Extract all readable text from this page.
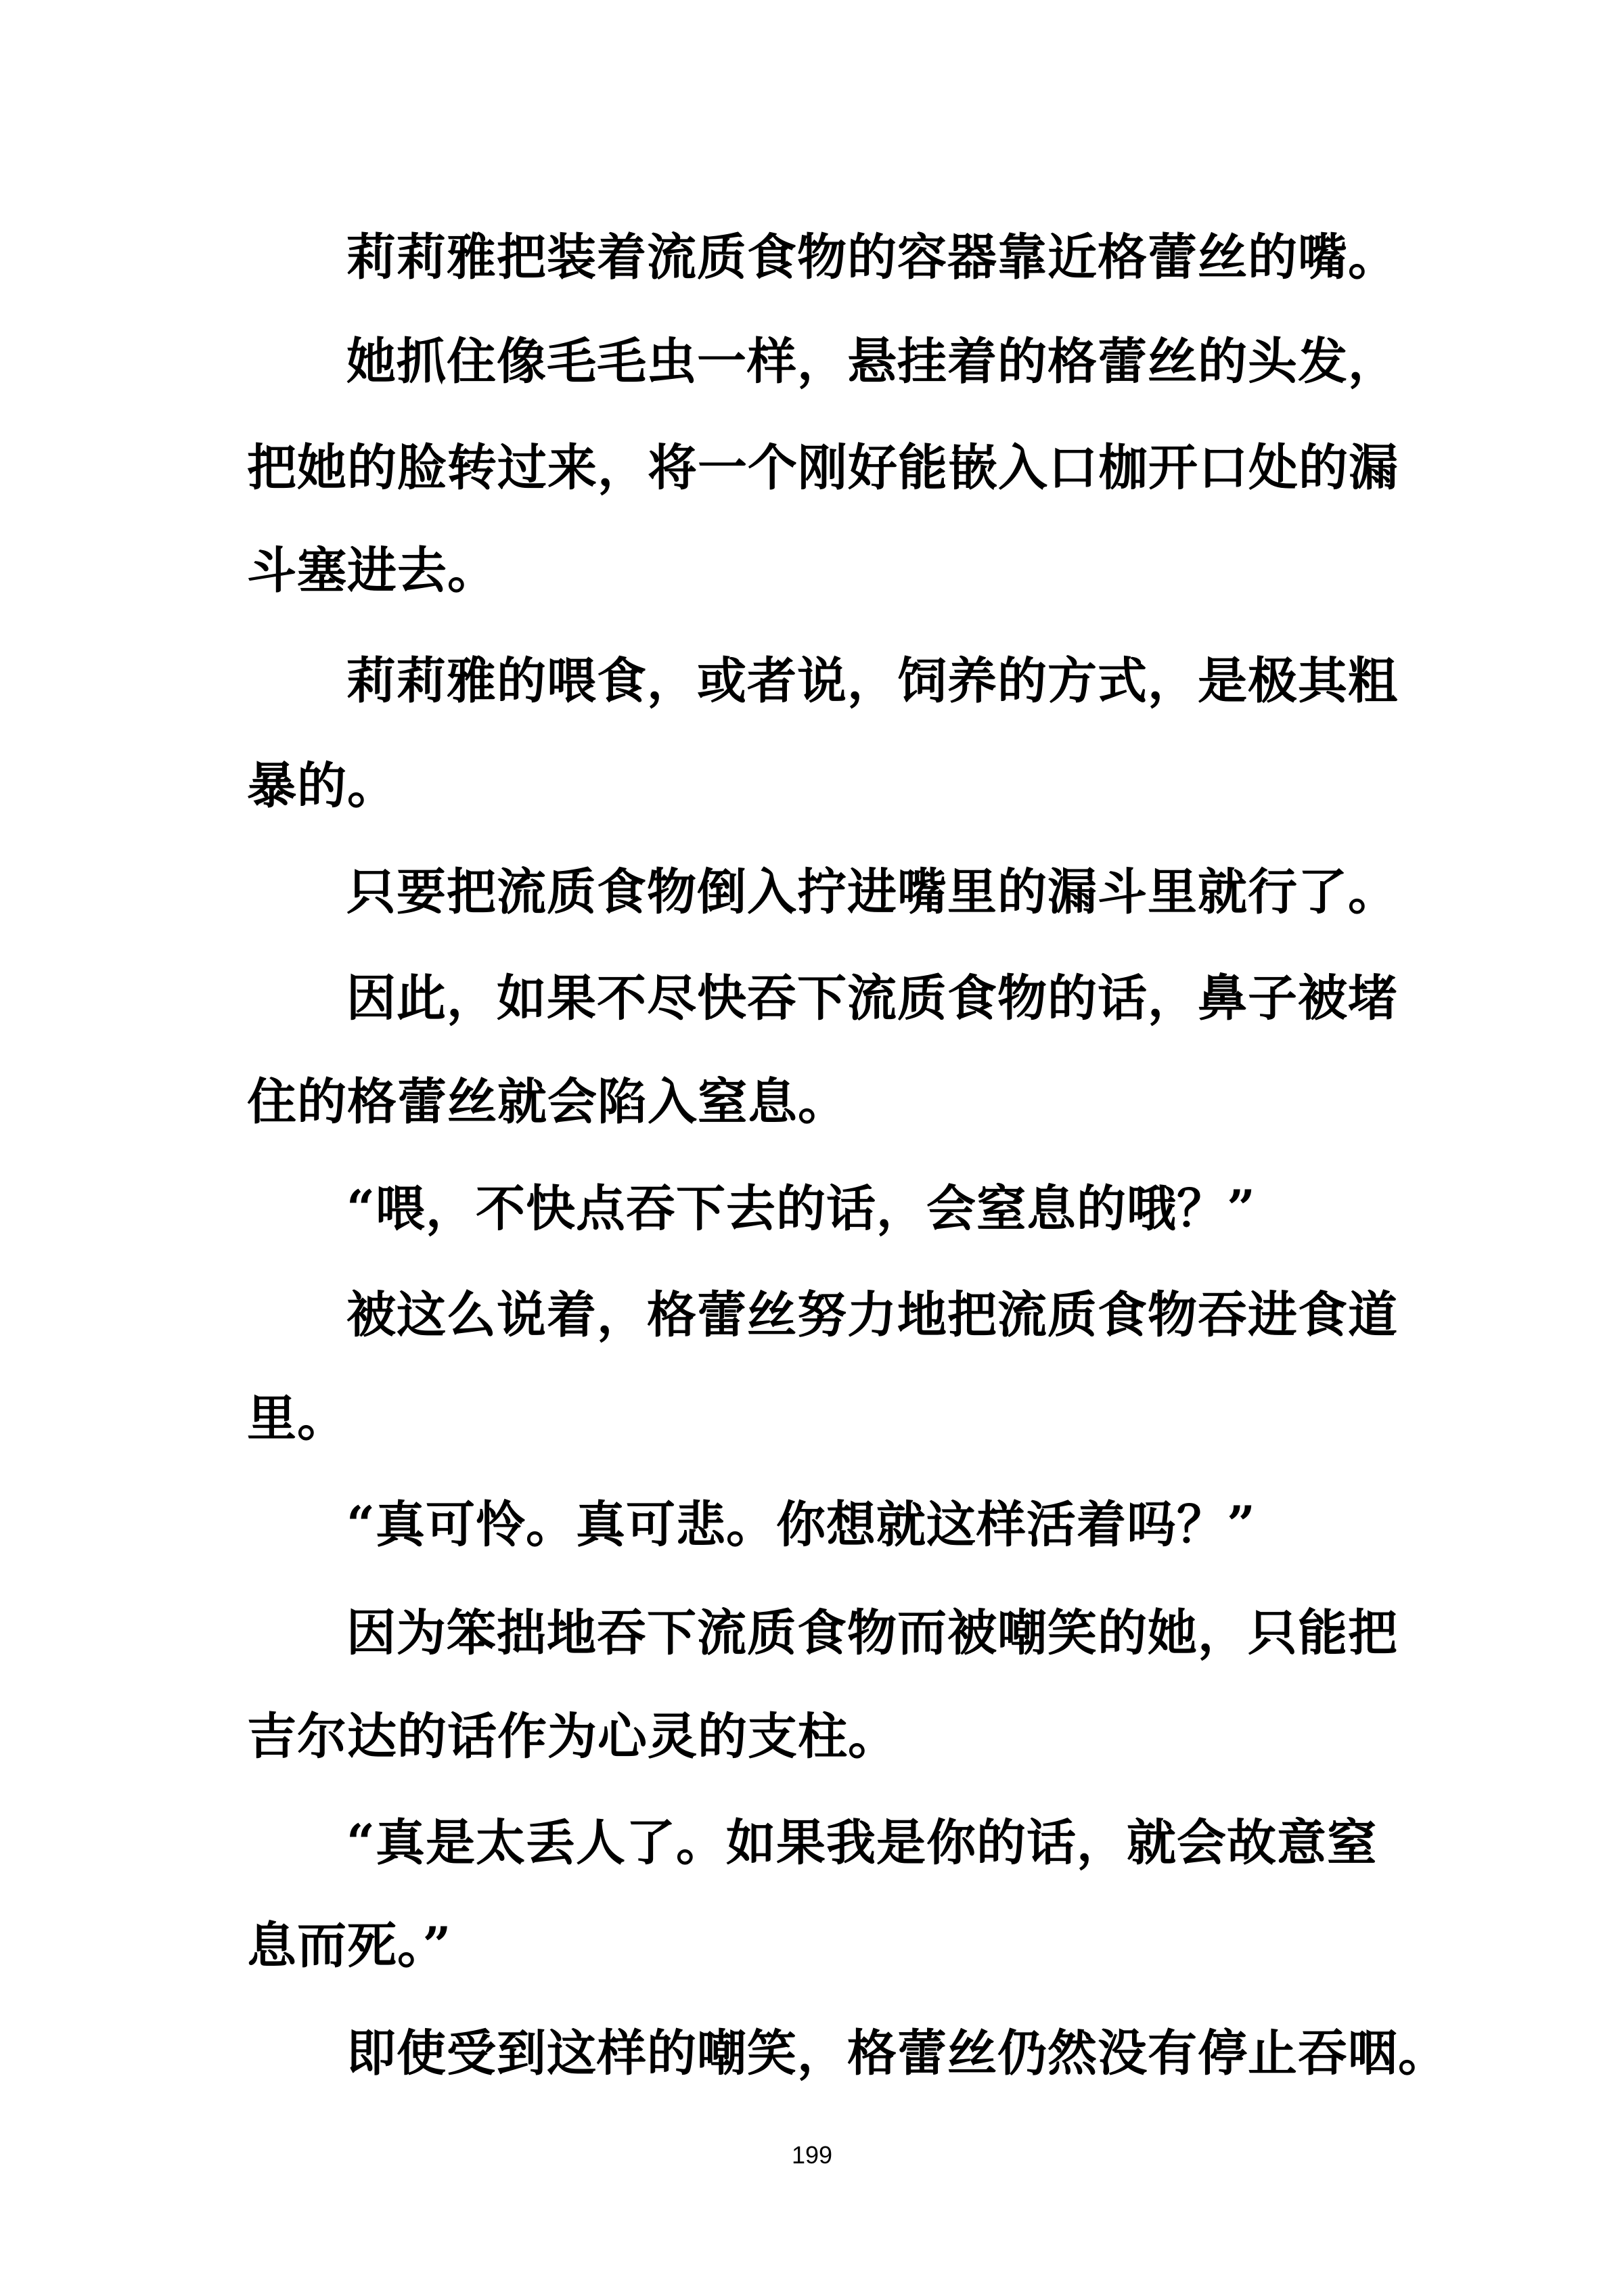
莉莉雅把装着流质食物的容器靠近格蕾丝的嘴。
她抓住像毛毛虫一样，悬挂着的格蕾丝的头发，
把她的脸转过来，将一个刚好能嵌入口枷开口处的漏
斗塞进去。
莉莉雅的喂食，或者说，饲养的方式，是极其粗
暴的。
只要把流质食物倒入拧进嘴里的漏斗里就行了。
因此，如果不尽快吞下流质食物的话，鼻子被堵
住的格蕾丝就会陷入窒息。
“喂，不快点吞下去的话，会窒息的哦？”
被这么说着，格蕾丝努力地把流质食物吞进食道
里。
“真可怜。真可悲。你想就这样活着吗？”
因为笨拙地吞下流质食物而被嘲笑的她，只能把
吉尔达的话作为心灵的支柱。
“真是太丢人了。如果我是你的话，就会故意窒
息而死。”
即使受到这样的嘲笑，格蕾丝仍然没有停止吞咽。
199
